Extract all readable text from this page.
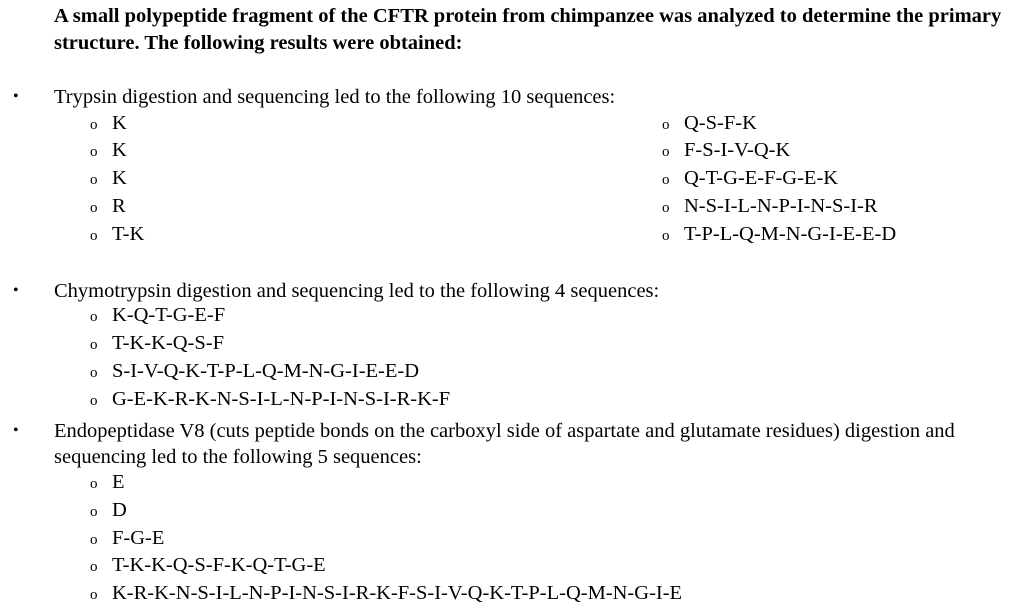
A small polypeptide fragment of the CFTR protein from chimpanzee was analyzed to determine the primary structure. The following results were obtained:
• Trypsin digestion and sequencing led to the following 10 sequences:
o K
o K
o K
o R
o T-K
o Q-S-F-K
o F-S-I-V-Q-K
o Q-T-G-E-F-G-E-K
o N-S-I-L-N-P-I-N-S-I-R
o T-P-L-Q-M-N-G-I-E-E-D
• Chymotrypsin digestion and sequencing led to the following 4 sequences:
o K-Q-T-G-E-F
o T-K-K-Q-S-F
o S-I-V-Q-K-T-P-L-Q-M-N-G-I-E-E-D
o G-E-K-R-K-N-S-I-L-N-P-I-N-S-I-R-K-F
• Endopeptidase V8 (cuts peptide bonds on the carboxyl side of aspartate and glutamate residues) digestion and sequencing led to the following 5 sequences:
o E
o D
o F-G-E
o T-K-K-Q-S-F-K-Q-T-G-E
o K-R-K-N-S-I-L-N-P-I-N-S-I-R-K-F-S-I-V-Q-K-T-P-L-Q-M-N-G-I-E
